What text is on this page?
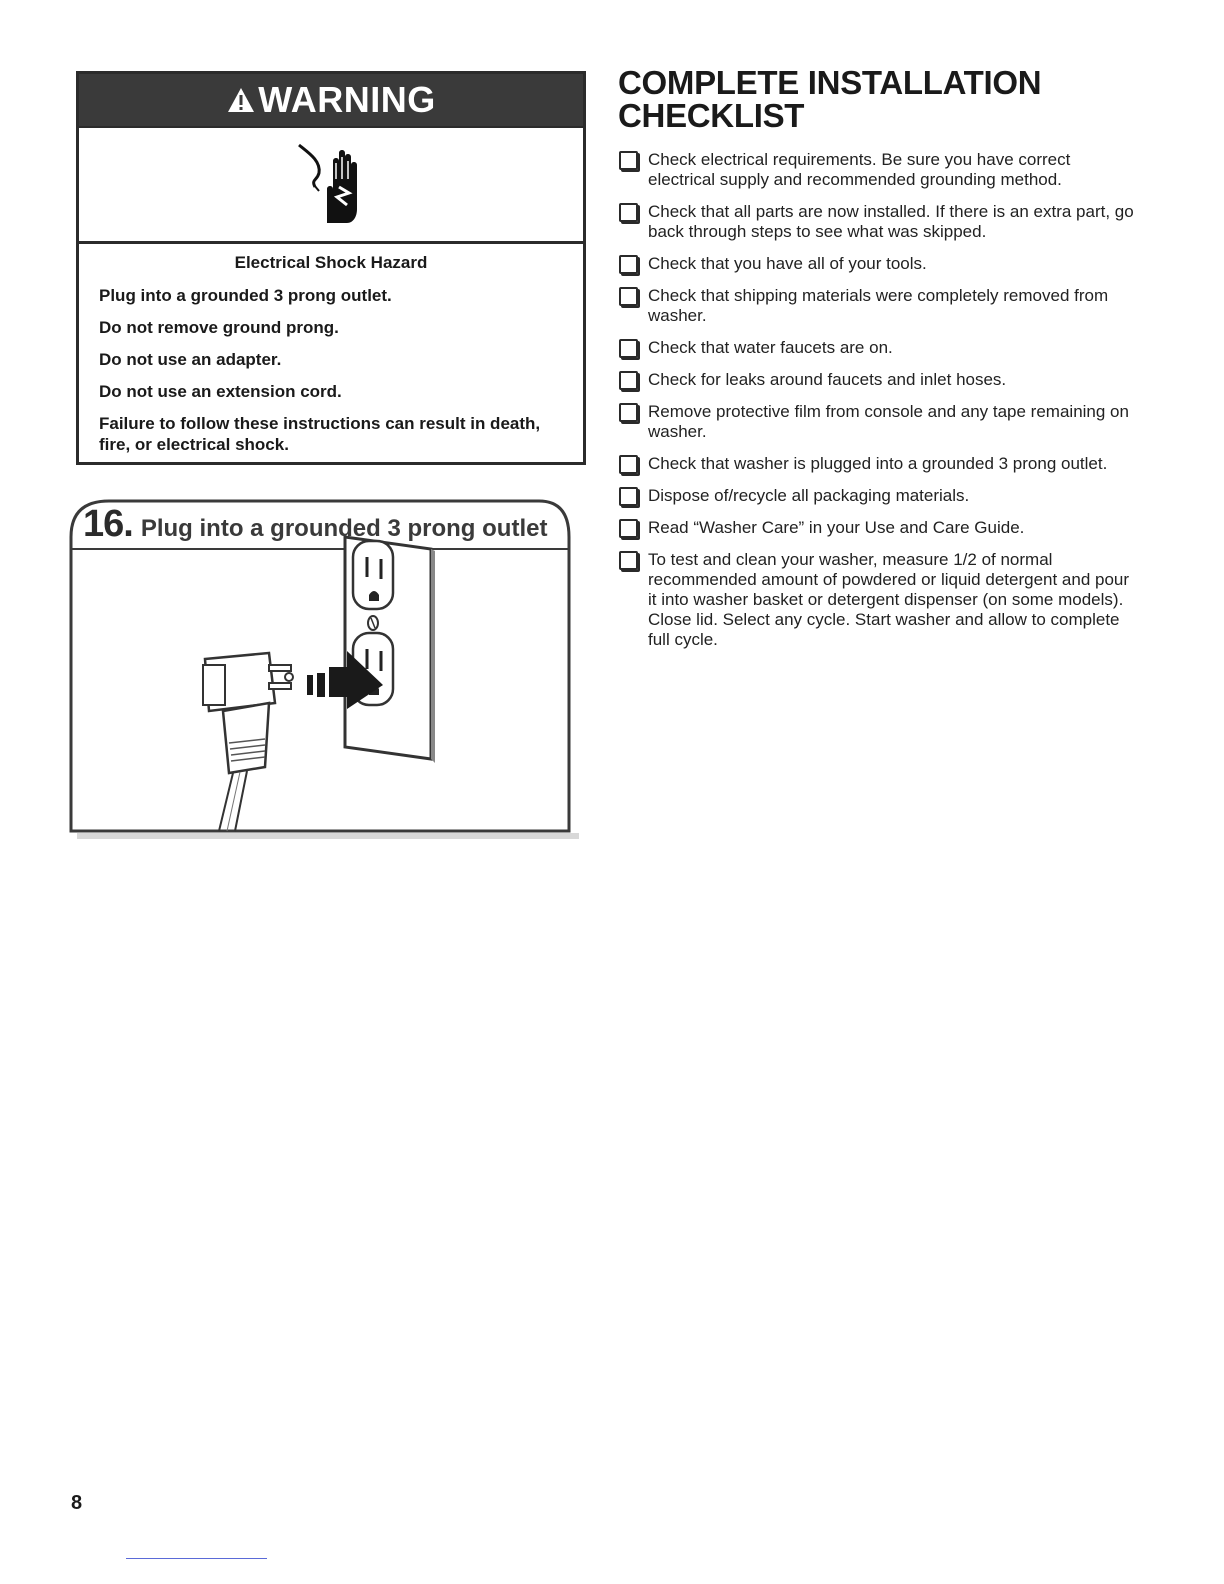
WARNING
Electrical Shock Hazard
Plug into a grounded 3 prong outlet.
Do not remove ground prong.
Do not use an adapter.
Do not use an extension cord.
Failure to follow these instructions can result in death, fire, or electrical shock.
16. Plug into a grounded 3 prong outlet
COMPLETE INSTALLATION
CHECKLIST
Check electrical requirements. Be sure you have correct electrical supply and recommended grounding method.
Check that all parts are now installed. If there is an extra part, go back through steps to see what was skipped.
Check that you have all of your tools.
Check that shipping materials were completely removed from washer.
Check that water faucets are on.
Check for leaks around faucets and inlet hoses.
Remove protective film from console and any tape remaining on washer.
Check that washer is plugged into a grounded 3 prong outlet.
Dispose of/recycle all packaging materials.
Read “Washer Care” in your Use and Care Guide.
To test and clean your washer, measure 1/2 of normal recommended amount of powdered or liquid detergent and pour it into washer basket or detergent dispenser (on some models). Close lid. Select any cycle. Start washer and allow to complete full cycle.
8
